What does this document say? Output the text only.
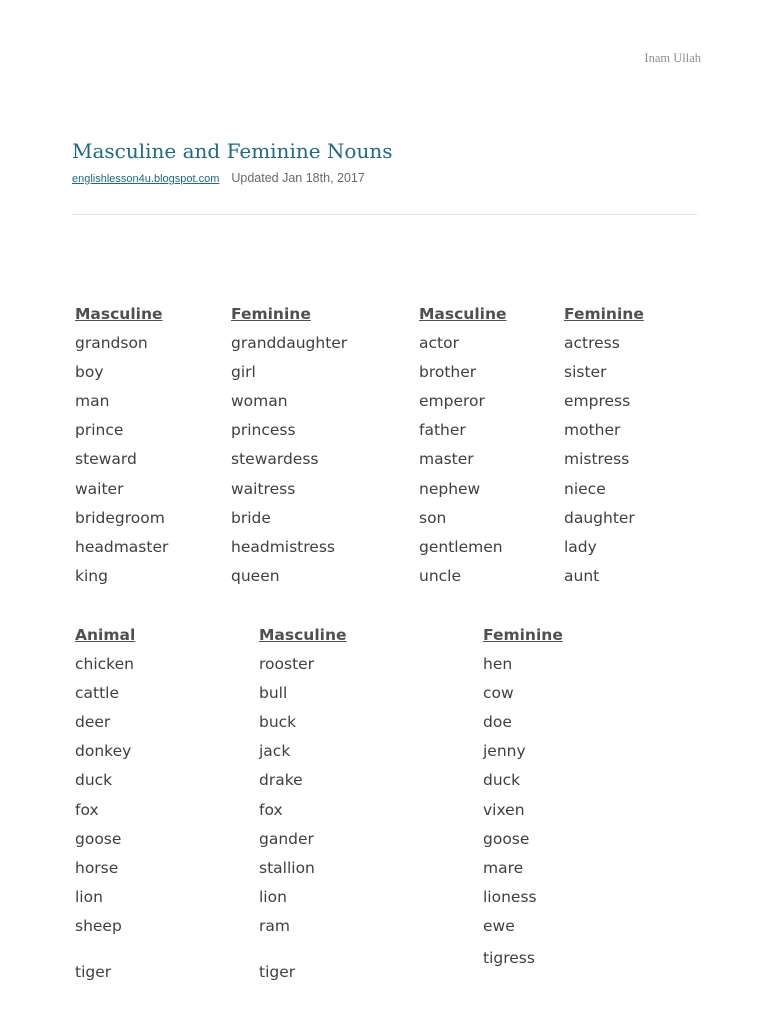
Inam Ullah
Masculine and Feminine Nouns
englishlesson4u.blogspot.com Updated Jan 18th, 2017
Masculine
grandson
boy
man
prince
steward
waiter
bridegroom
headmaster
king
Feminine
granddaughter
girl
woman
princess
stewardess
waitress
bride
headmistress
queen
Masculine
actor
brother
emperor
father
master
nephew
son
gentlemen
uncle
Feminine
actress
sister
empress
mother
mistress
niece
daughter
lady
aunt
Animal
chicken
cattle
deer
donkey
duck
fox
goose
horse
lion
sheep
tiger
Masculine
rooster
bull
buck
jack
drake
fox
gander
stallion
lion
ram
tiger
Feminine
hen
cow
doe
jenny
duck
vixen
goose
mare
lioness
ewe
tigress
